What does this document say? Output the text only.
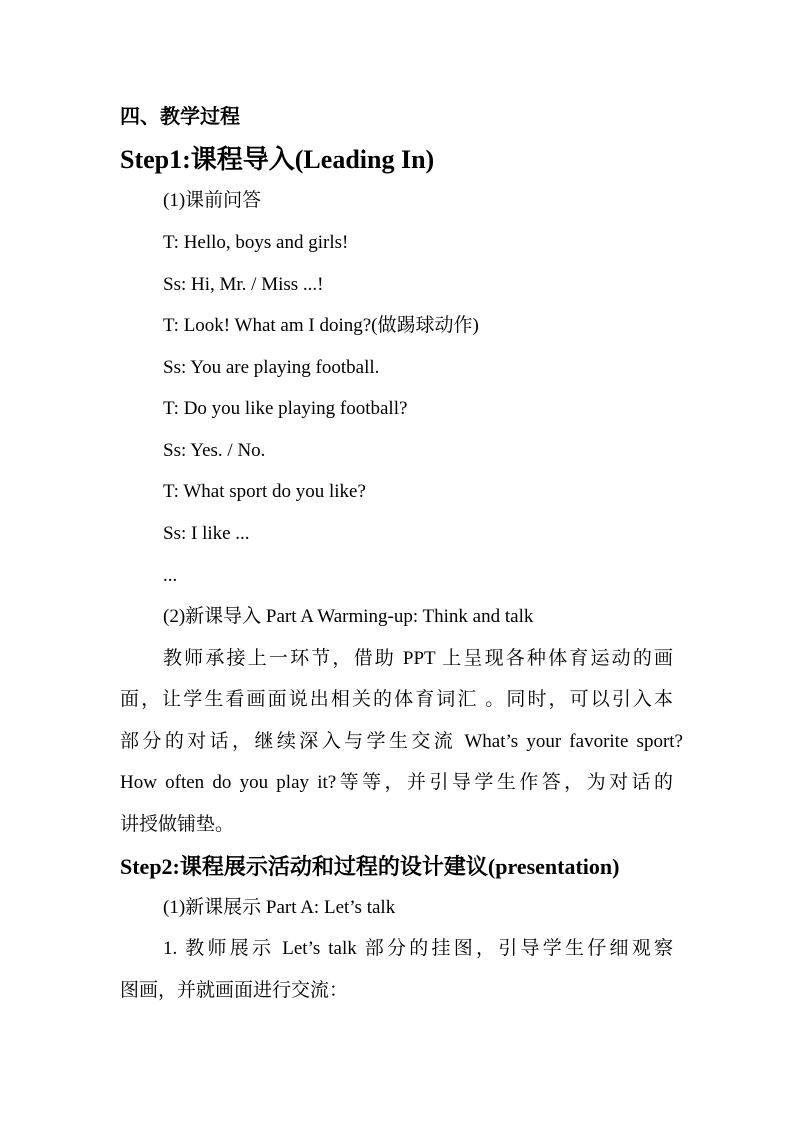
四、教学过程
Step1:课程导入(Leading In)
(1)课前问答
T: Hello, boys and girls!
Ss: Hi, Mr. / Miss ...!
T: Look! What am I doing?(做踢球动作)
Ss: You are playing football.
T: Do you like playing football?
Ss: Yes. / No.
T: What sport do you like?
Ss: I like ...
...
(2)新课导入 Part A Warming-up: Think and talk
教师承接上一环节，借助 PPT 上呈现各种体育运动的画
面，让学生看画面说出相关的体育词汇 。同时，可以引入本
部分的对话，继续深入与学生交流 What’s your favorite sport?
How often do you play it?等等，并引导学生作答，为对话的
讲授做铺垫。
Step2:课程展示活动和过程的设计建议(presentation)
(1)新课展示 Part A: Let’s talk
1. 教师展示 Let’s talk 部分的挂图，引导学生仔细观察
图画，并就画面进行交流：
